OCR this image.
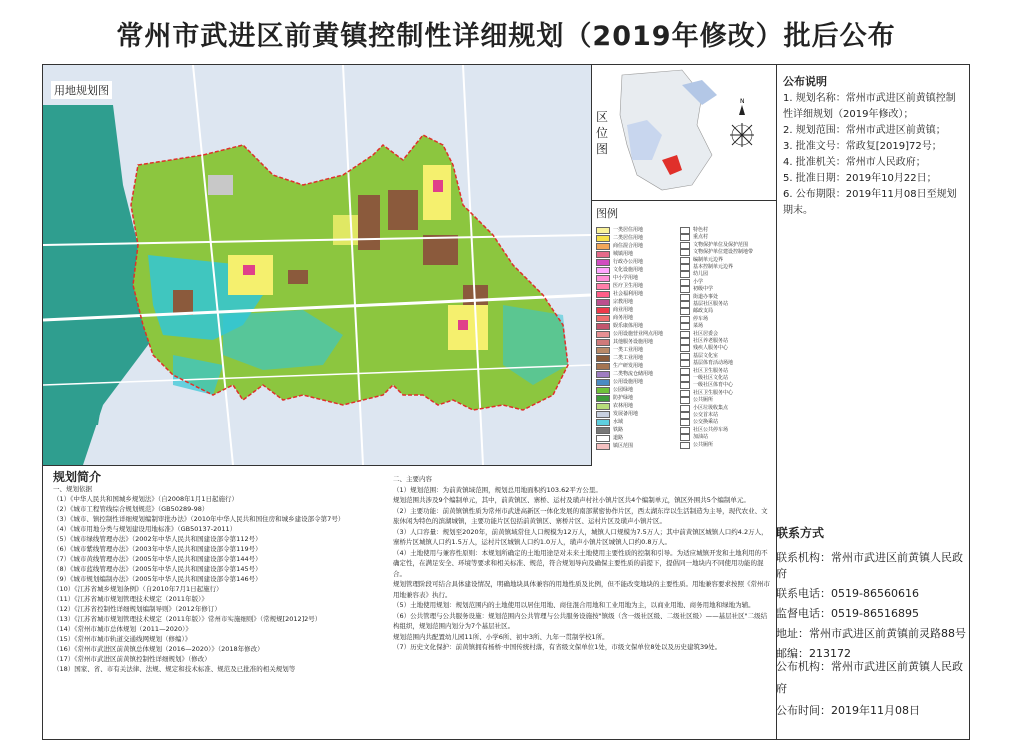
常州市武进区前黄镇控制性详细规划（2019年修改）批后公布
用地规划图
区位图
N
图例
一类居住用地
二类居住用地
商住混合用地
城镇用地
行政办公用地
文化设施用地
中小学用地
医疗卫生用地
社会福利用地
宗教用地
商业用地
商务用地
娱乐康体用地
公用设施营业网点用地
其他服务设施用地
一类工业用地
二类工业用地
生产研发用地
二类物流仓储用地
公用设施用地
公园绿地
防护绿地
农林用地
发展备用地
水域
铁路
道路
镇区范围
特色村
重点村
文物保护单位及保护范围
文物保护单位建设控制地带
编制单元边界
基本控制单元边界
幼儿园
小学
初级中学
街道办事处
基层社区服务站
邮政支局
停车场
菜场
社区居委会
社区养老服务站
残疾人服务中心
基层文化室
基层体育活动场地
社区卫生服务站
一级社区文化站
一级社区体育中心
社区卫生服务中心
公共厕所
小区垃圾收集点
公交首末站
公交换乘站
社区公共停车场
加油站
公共厕所
公布说明
1. 规划名称：常州市武进区前黄镇控制性详细规划（2019年修改）；
2. 规划范围：常州市武进区前黄镇；
3. 批准文号：常政复[2019]72号；
4. 批准机关：常州市人民政府；
5. 批准日期：2019年10月22日；
6. 公布期限：2019年11月08日至规划期末。
联系方式
联系机构：常州市武进区前黄镇人民政府
联系电话：0519-86560616
监督电话：0519-86516895
地址：常州市武进区前黄镇前灵路88号
邮编：213172
公布机构：常州市武进区前黄镇人民政府
公布时间：2019年11月08日
规划简介

一、规划依据

（1）《中华人民共和国城乡规划法》（自2008年1月1日起施行）

（2）《城市工程管线综合规划规范》（GB50289-98）

（3）《城市、镇控制性详细规划编制审批办法》（2010年中华人民共和国住房和城乡建设部令第7号）

（4）《城市用地分类与规划建设用地标准》（GB50137-2011）

（5）《城市绿线管理办法》（2002年中华人民共和国建设部令第112号）

（6）《城市紫线管理办法》（2003年中华人民共和国建设部令第119号）

（7）《城市黄线管理办法》（2005年中华人民共和国建设部令第144号）

（8）《城市蓝线管理办法》（2005年中华人民共和国建设部令第145号）

（9）《城市规划编制办法》（2005年中华人民共和国建设部令第146号）

（10）《江苏省城乡规划条例》（自2010年7月1日起施行）

（11）《江苏省城市规划管理技术规定（2011年版）》

（12）《江苏省控制性详细规划编制导则》（2012年修订）

（13）《江苏省城市规划管理技术规定（2011年版）》常州市实施细则》（常规规[2012]2号）

（14）《常州市城市总体规划（2011—2020）》

（15）《常州市城市轨道交通线网规划（修编）》

（16）《常州市武进区前黄镇总体规划（2016—2020）》（2018年修改）

（17）《常州市武进区前黄镇控制性详细规划》（修改）

（18）国家、省、市有关法律、法规、规定和技术标准、规范及已批准的相关规划等

二、主要内容

（1）规划范围：为前黄镇域范围，规划总用地面积约103.62平方公里。

规划范围共涉及9个编制单元，其中，前黄镇区、寨桥、运村及璜声村社小镇片区共4个编制单元，镇区外围共5个编制单元。

（2）主要功能：前黄镇镇性质为常州市武进高新区一体化发展的南部紧密协作片区，西太湖东岸以生活制造为主导，现代农业、文旅休闲为特色的滨湖城镇，主要功能片区包括前黄镇区、寨桥片区、运村片区及璜声小镇片区。

（3）人口容量：规划至2020年，前黄镇域常住人口规模为12万人，城镇人口规模为7.5万人；其中前黄镇区城镇人口约4.2万人，寨桥片区城镇人口约1.5万人，运村片区城镇人口约1.0万人，璜声小镇片区城镇人口约0.8万人。

（4）土地使用与兼容性原则：本规划所确定的土地用途是对未来土地使用主要性质的控制和引导。为适应城镇开发和土地利用的不确定性，在满足安全、环境等要求和相关标准、规范，符合规划导向及确保主要性质的前提下，提倡同一地块内不同使用功能的混合。

规划管理阶段可结合具体建设情况，明确地块具体兼容的用地性质及比例，但不能改变地块的主要性质。用地兼容要求按照《常州市用地兼容表》执行。

（5）土地使用规划：规划范围内的土地使用以居住用地、商住混合用地和工业用地为主，以商业用地、商务用地和绿地为辅。

（6）公共管理与公共服务设施：规划范围内公共管理与公共服务设施按"镇级（含一级社区级、二级社区级）——基层社区"二级结构组织，规划范围内划分为7个基层社区。

规划范围内共配置幼儿园11所、小学6所、初中3所、九年一贯制学校1所。

（7）历史文化保护：前黄镇拥有杨桥·中国传统村落，有省级文保单位1处，市级文保单位8处以及历史建筑39处。
